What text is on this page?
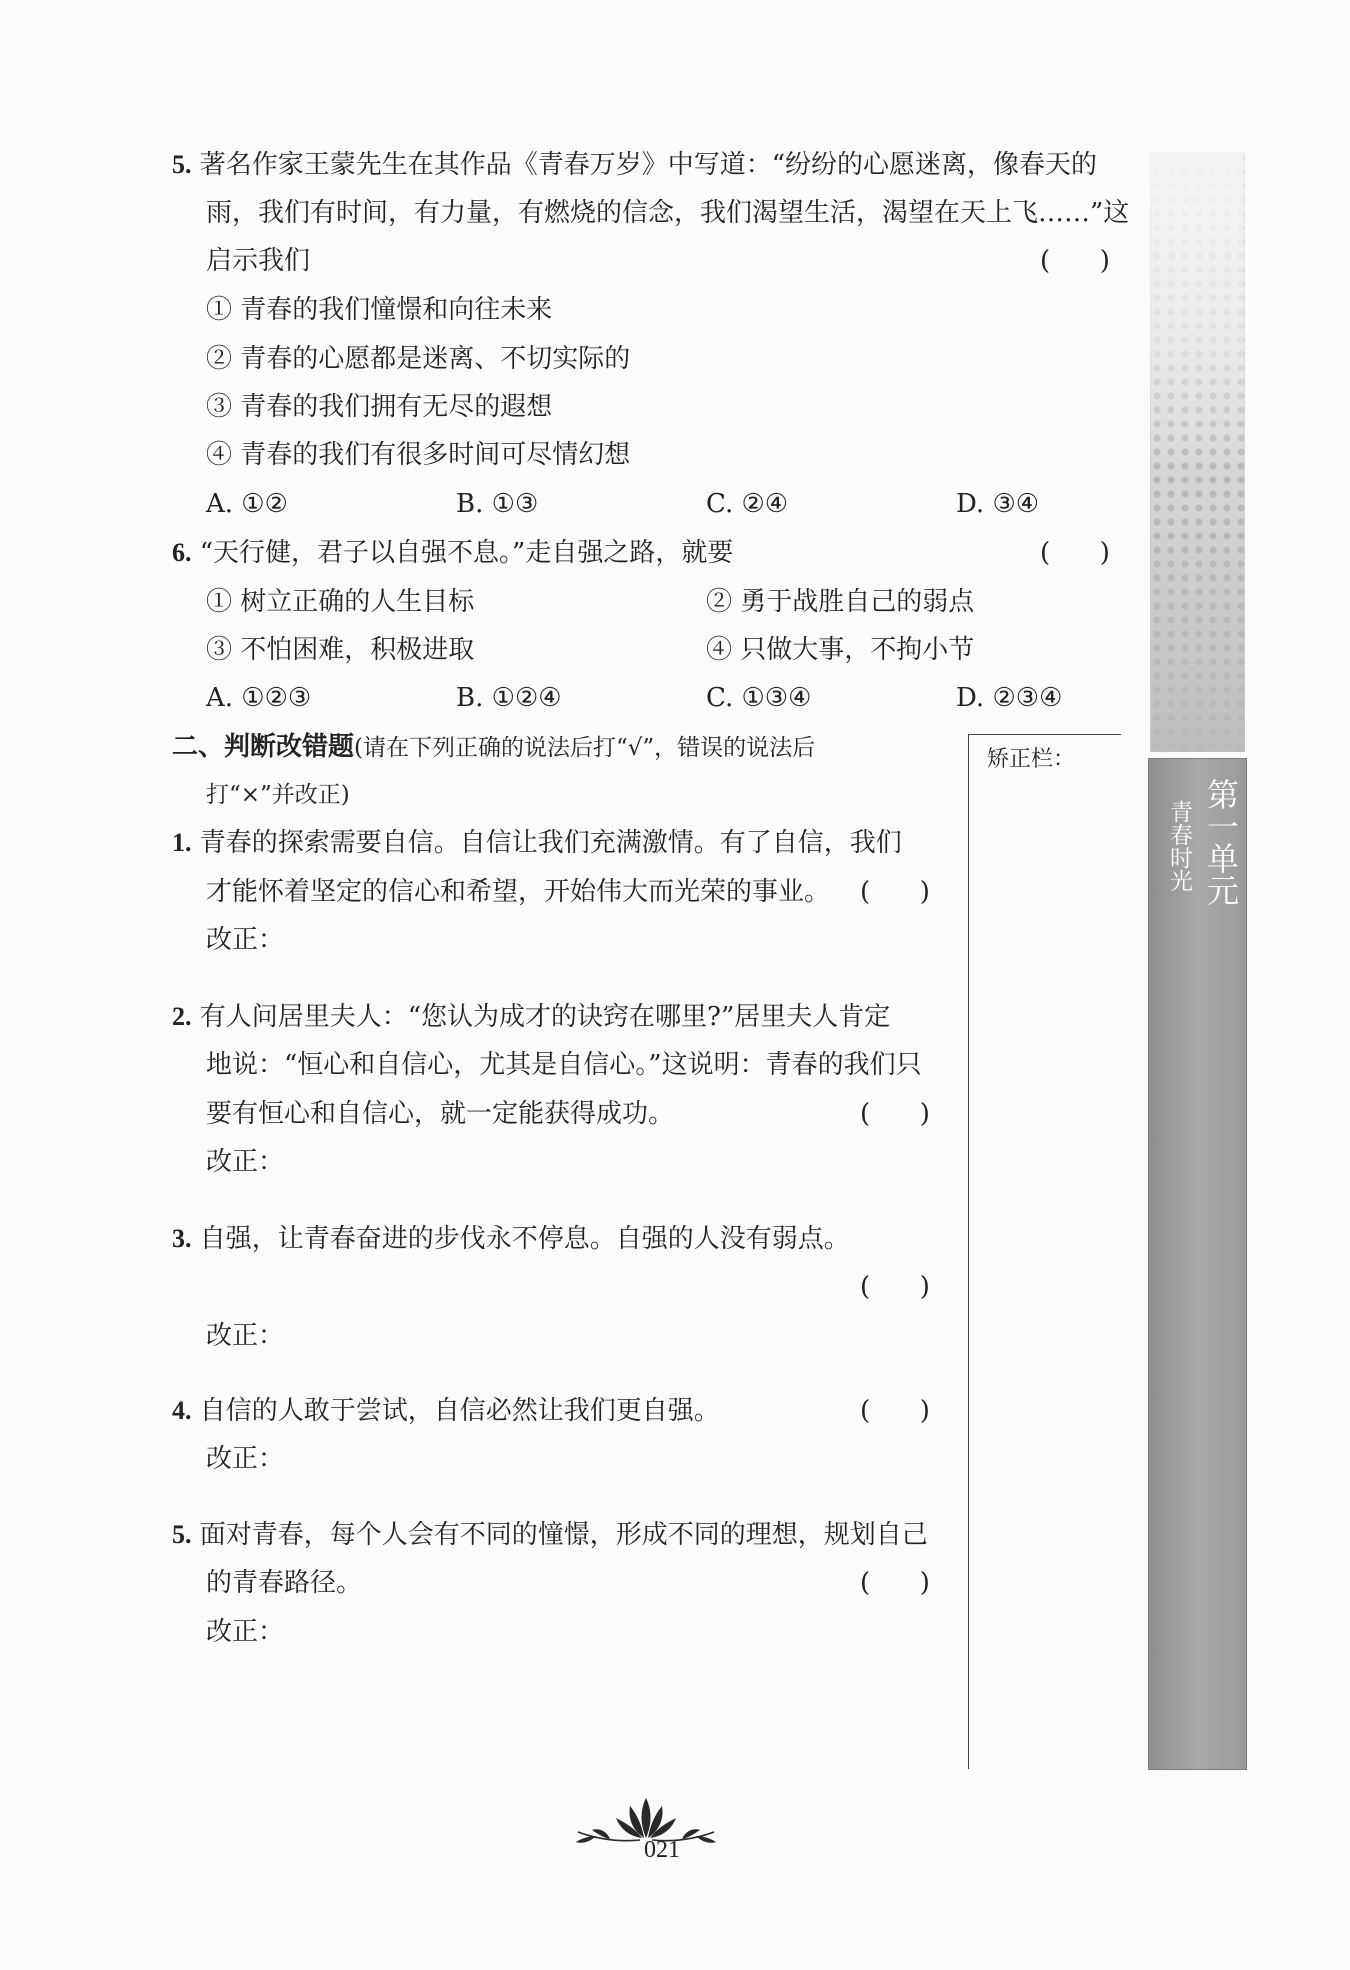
5. 著名作家王蒙先生在其作品《青春万岁》中写道：“纷纷的心愿迷离，像春天的
雨，我们有时间，有力量，有燃烧的信念，我们渴望生活，渴望在天上飞……”这
启示我们	(      )
① 青春的我们憧憬和向往未来
② 青春的心愿都是迷离、不切实际的
③ 青春的我们拥有无尽的遐想
④ 青春的我们有很多时间可尽情幻想
A. ①②	B. ①③	C. ②④	D. ③④
6. “天行健，君子以自强不息。”走自强之路，就要	(      )
① 树立正确的人生目标	② 勇于战胜自己的弱点
③ 不怕困难，积极进取	④ 只做大事，不拘小节
A. ①②③	B. ①②④	C. ①③④	D. ②③④
二、判断改错题(请在下列正确的说法后打“√”，错误的说法后
打“×”并改正)
1. 青春的探索需要自信。自信让我们充满激情。有了自信，我们
才能怀着坚定的信心和希望，开始伟大而光荣的事业。 (      )
改正：
2. 有人问居里夫人：“您认为成才的诀窍在哪里?”居里夫人肯定
地说：“恒心和自信心，尤其是自信心。”这说明：青春的我们只
要有恒心和自信心，就一定能获得成功。	(      )
改正：
3. 自强，让青春奋进的步伐永不停息。自强的人没有弱点。
(      )
改正：
4. 自信的人敢于尝试，自信必然让我们更自强。	(      )
改正：
5. 面对青春，每个人会有不同的憧憬，形成不同的理想，规划自己
的青春路径。	(      )
改正：
矫正栏：
第一单元
青春时光
021
